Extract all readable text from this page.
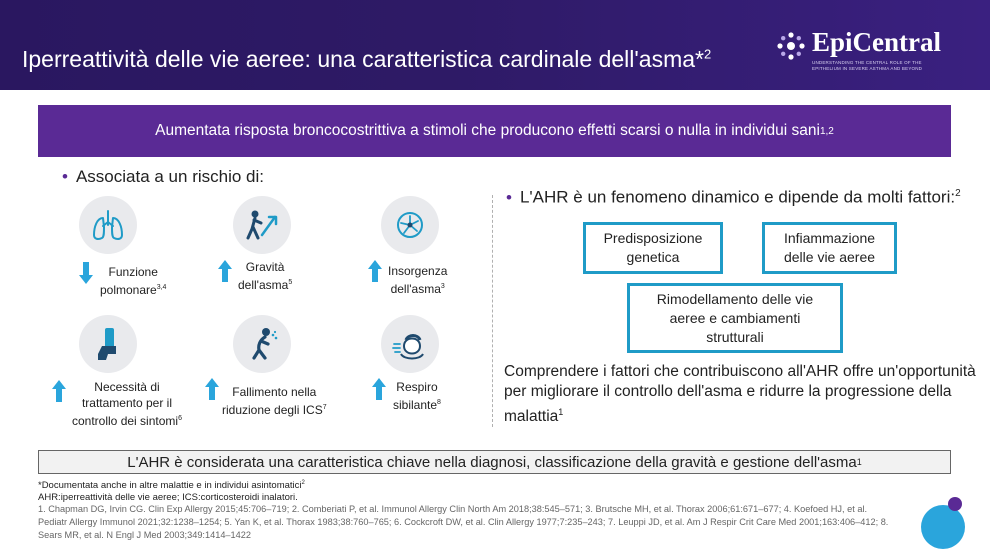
Iperreattività delle vie aeree: una caratteristica cardinale dell'asma*$^2$	EpiCentral
UNDERSTANDING THE CENTRAL ROLE OF THE
EPITHELIUM IN SEVERE ASTHMA AND BEYOND
Aumentata risposta broncocostrittiva a stimoli che producono effetti scarsi o nulla in individui sani 1,2
• Associata a un rischio di:
Funzione
polmonare$^{3,4}$
Gravità
dell'asma$^5$
Insorgenza
dell'asma$^3$
Necessità di
trattamento per il
controllo dei sintomi$^6$
Fallimento nella
riduzione degli ICS$^7$
Respiro
sibilante$^8$
• L'AHR è un fenomeno dinamico e dipende da molti fattori:$^2$
Predisposizione
genetica
Infiammazione
delle vie aeree
Rimodellamento delle vie
aeree e cambiamenti
strutturali
Comprendere i fattori che contribuiscono all'AHR offre un'opportunità per migliorare il controllo dell'asma e ridurre la progressione della malattia$^1$
L'AHR è considerata una caratteristica chiave nella diagnosi, classificazione della gravità e gestione dell'asma 1
*Documentata anche in altre malattie e in individui asintomatici$^2$
AHR:iperreattività delle vie aeree; ICS:corticosteroidi inalatori.
1. Chapman DG, Irvin CG. Clin Exp Allergy 2015;45:706–719; 2. Comberiati P, et al. Immunol Allergy Clin North Am 2018;38:545–571; 3. Brutsche MH, et al. Thorax 2006;61:671–677; 4. Koefoed HJ, et al. Pediatr Allergy Immunol 2021;32:1238–1254; 5. Yan K, et al. Thorax 1983;38:760–765; 6. Cockcroft DW, et al. Clin Allergy 1977;7:235–243; 7. Leuppi JD, et al. Am J Respir Crit Care Med 2001;163:406–412; 8. Sears MR, et al. N Engl J Med 2003;349:1414–1422
